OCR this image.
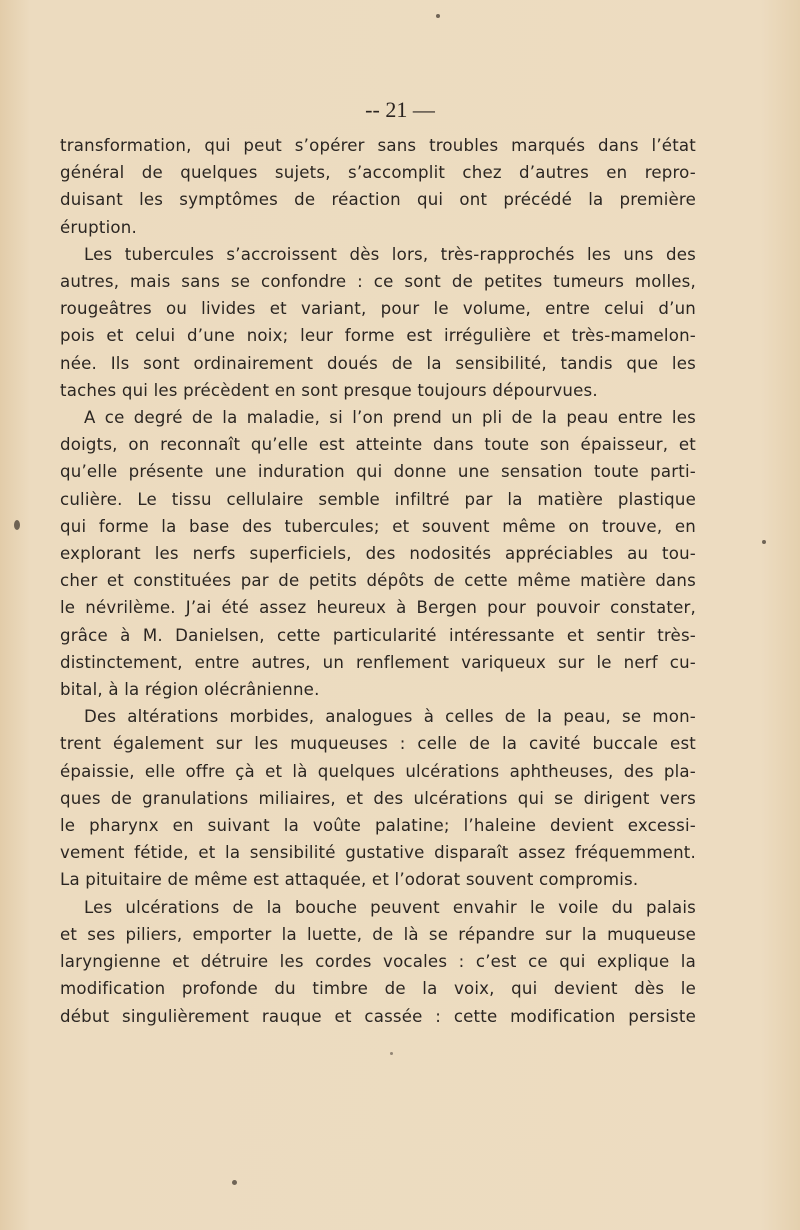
-- 21 —
transformation, qui peut s’opérer sans troubles marqués dans l’état
général de quelques sujets, s’accomplit chez d’autres en repro-
duisant les symptômes de réaction qui ont précédé la première
éruption.
Les tubercules s’accroissent dès lors, très-rapprochés les uns des
autres, mais sans se confondre : ce sont de petites tumeurs molles,
rougeâtres ou livides et variant, pour le volume, entre celui d’un
pois et celui d’une noix; leur forme est irrégulière et très-mamelon-
née. Ils sont ordinairement doués de la sensibilité, tandis que les
taches qui les précèdent en sont presque toujours dépourvues.
A ce degré de la maladie, si l’on prend un pli de la peau entre les
doigts, on reconnaît qu’elle est atteinte dans toute son épaisseur, et
qu’elle présente une induration qui donne une sensation toute parti-
culière. Le tissu cellulaire semble infiltré par la matière plastique
qui forme la base des tubercules; et souvent même on trouve, en
explorant les nerfs superficiels, des nodosités appréciables au tou-
cher et constituées par de petits dépôts de cette même matière dans
le névrilème. J’ai été assez heureux à Bergen pour pouvoir constater,
grâce à M. Danielsen, cette particularité intéressante et sentir très-
distinctement, entre autres, un renflement variqueux sur le nerf cu-
bital, à la région olécrânienne.
Des altérations morbides, analogues à celles de la peau, se mon-
trent également sur les muqueuses : celle de la cavité buccale est
épaissie, elle offre çà et là quelques ulcérations aphtheuses, des pla-
ques de granulations miliaires, et des ulcérations qui se dirigent vers
le pharynx en suivant la voûte palatine; l’haleine devient excessi-
vement fétide, et la sensibilité gustative disparaît assez fréquemment.
La pituitaire de même est attaquée, et l’odorat souvent compromis.
Les ulcérations de la bouche peuvent envahir le voile du palais
et ses piliers, emporter la luette, de là se répandre sur la muqueuse
laryngienne et détruire les cordes vocales : c’est ce qui explique la
modification profonde du timbre de la voix, qui devient dès le
début singulièrement rauque et cassée : cette modification persiste
